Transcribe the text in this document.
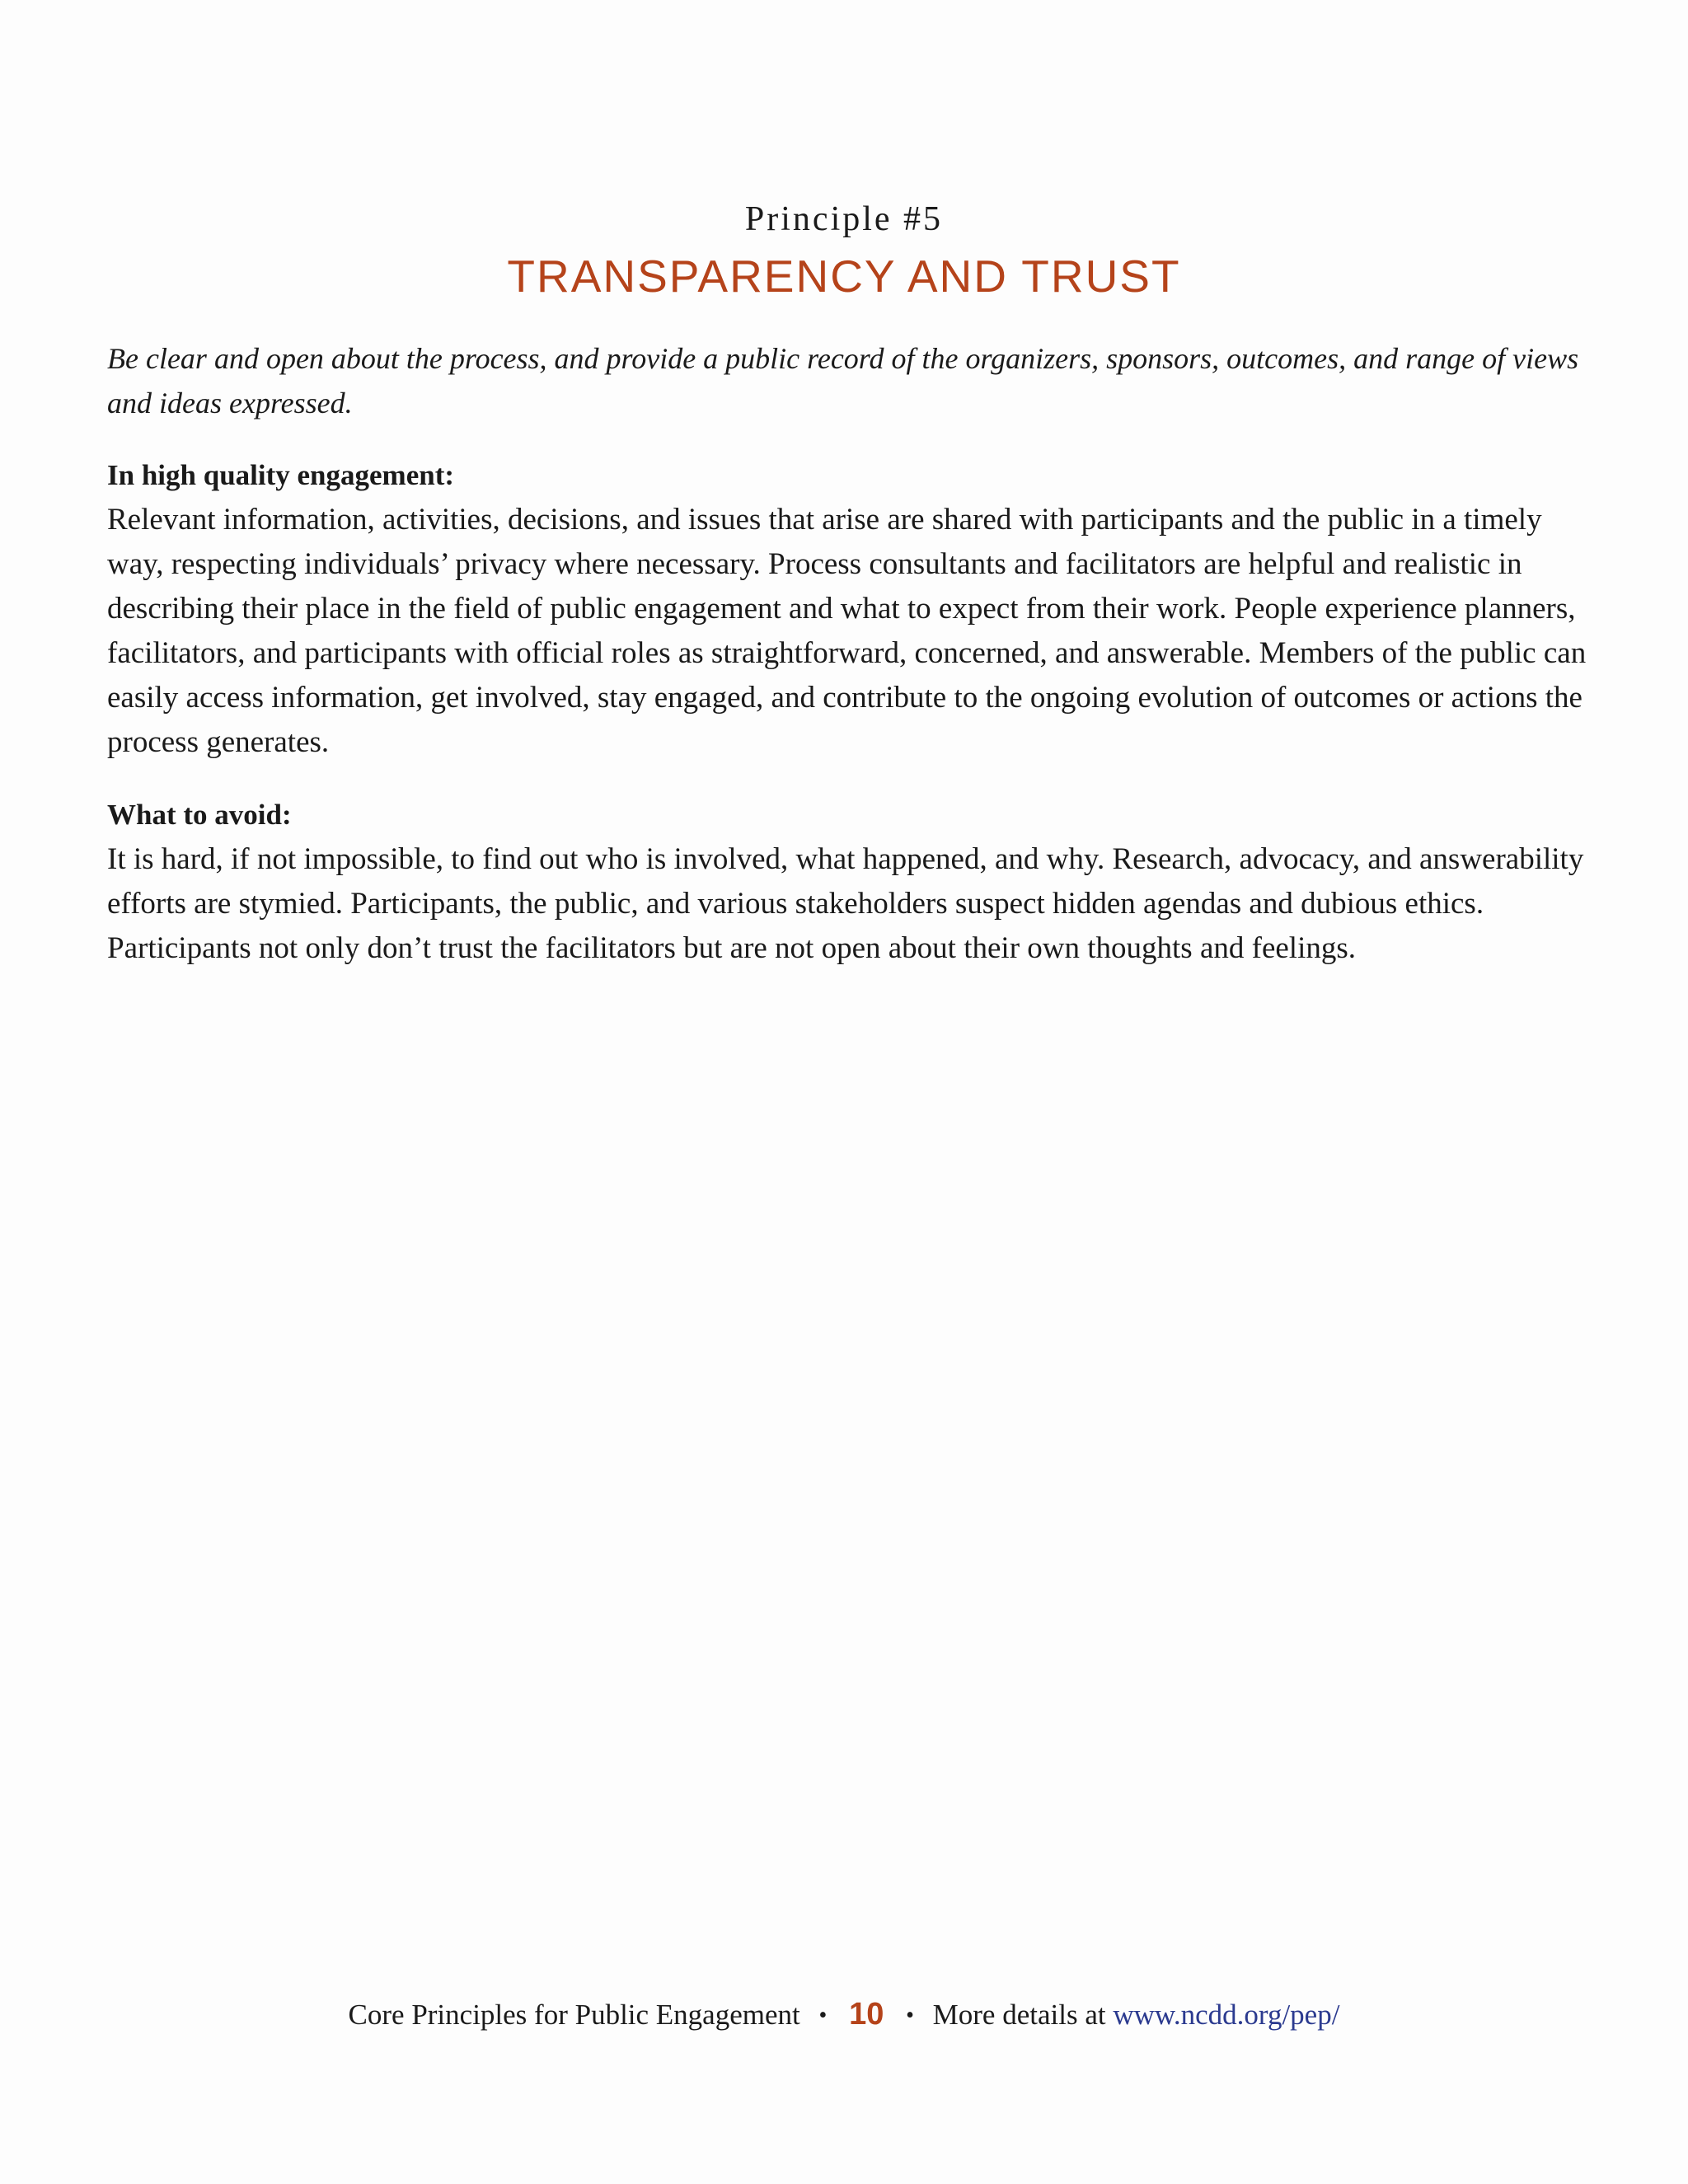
Principle #5
TRANSPARENCY AND TRUST

Be clear and open about the process, and provide a public record of the organizers, sponsors, outcomes, and range of views and ideas expressed.

In high quality engagement:

Relevant information, activities, decisions, and issues that arise are shared with participants and the public in a timely way, respecting individuals’ privacy where necessary. Process consultants and facilitators are helpful and realistic in describing their place in the field of public engagement and what to expect from their work. People experience planners, facilitators, and participants with official roles as straightforward, concerned, and answerable. Members of the public can easily access information, get involved, stay engaged, and contribute to the ongoing evolution of outcomes or actions the process generates.

What to avoid:

It is hard, if not impossible, to find out who is involved, what happened, and why. Research, advocacy, and answerability efforts are stymied. Participants, the public, and various stakeholders suspect hidden agendas and dubious ethics. Participants not only don’t trust the facilitators but are not open about their own thoughts and feelings.

Core Principles for Public Engagement • 10 • More details at www.ncdd.org/pep/
